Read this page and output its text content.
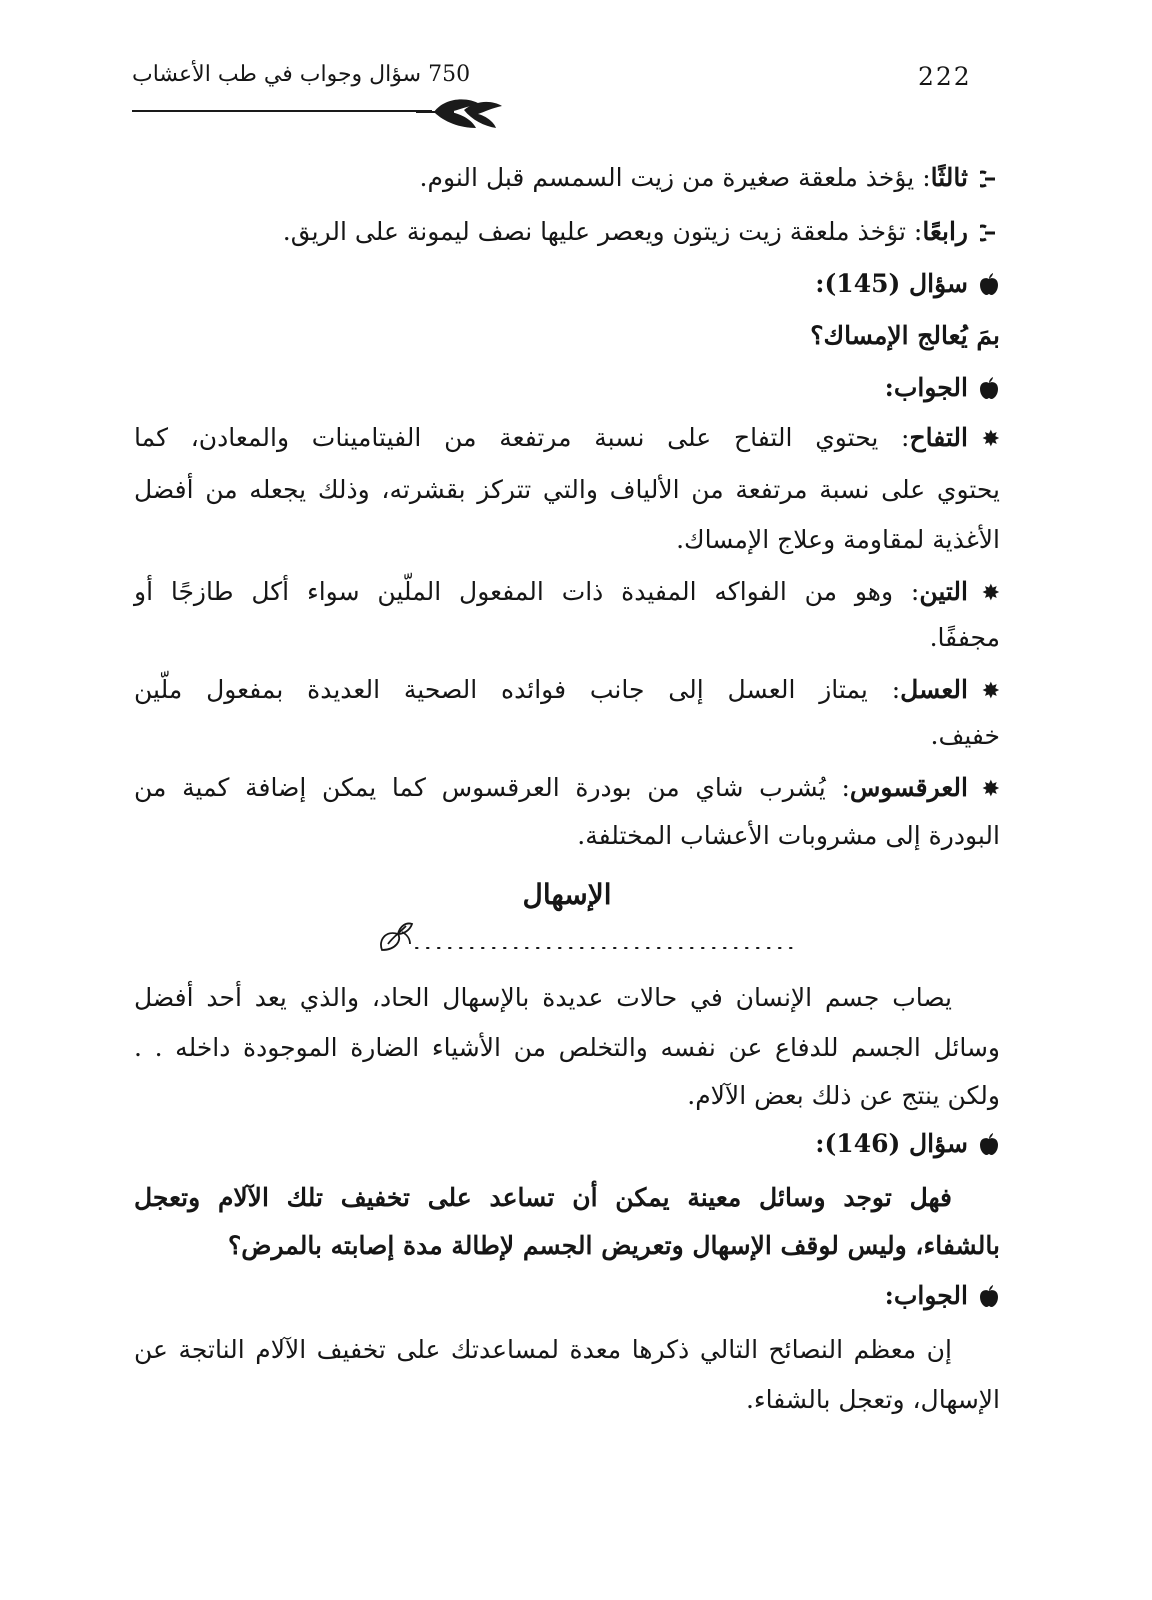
222
750 سؤال وجواب في طب الأعشاب
ثالثًا: يؤخذ ملعقة صغيرة من زيت السمسم قبل النوم.
رابعًا: تؤخذ ملعقة زيت زيتون ويعصر عليها نصف ليمونة على الريق.
سؤال (145):
بمَ يُعالج الإمساك؟
الجواب:
✸التفاح: يحتوي التفاح على نسبة مرتفعة من الفيتامينات والمعادن، كما
يحتوي على نسبة مرتفعة من الألياف والتي تتركز بقشرته، وذلك يجعله من أفضل
الأغذية لمقاومة وعلاج الإمساك.
✸التين: وهو من الفواكه المفيدة ذات المفعول الملّين سواء أكل طازجًا أو
مجففًا.
✸العسل: يمتاز العسل إلى جانب فوائده الصحية العديدة بمفعول ملّين
خفيف.
✸العرقسوس: يُشرب شاي من بودرة العرقسوس كما يمكن إضافة كمية من
البودرة إلى مشروبات الأعشاب المختلفة.
الإسهال
يصاب جسم الإنسان في حالات عديدة بالإسهال الحاد، والذي يعد أحد أفضل
وسائل الجسم للدفاع عن نفسه والتخلص من الأشياء الضارة الموجودة داخله . .
ولكن ينتج عن ذلك بعض الآلام.
سؤال (146):
فهل توجد وسائل معينة يمكن أن تساعد على تخفيف تلك الآلام وتعجل
بالشفاء، وليس لوقف الإسهال وتعريض الجسم لإطالة مدة إصابته بالمرض؟
الجواب:
إن معظم النصائح التالي ذكرها معدة لمساعدتك على تخفيف الآلام الناتجة عن
الإسهال، وتعجل بالشفاء.
